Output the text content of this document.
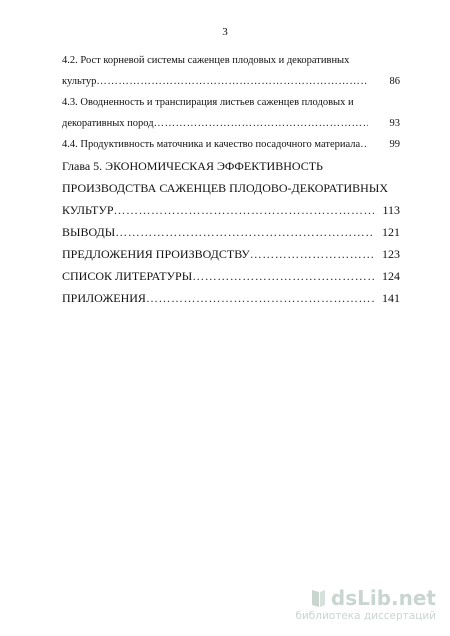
3
4.2. Рост корневой системы саженцев плодовых и декоративных
культур ……………………………………………………………………………………………………………………………………………………………………	86
4.3. Оводненность и транспирация листьев саженцев плодовых и
декоративных пород ……………………………………………………………………………………………………………………………………………………………………	93
4.4. Продуктивность маточника и качество посадочного материала ……………………………………………………………………………………………………………………………………………………………………	99
Глава 5. ЭКОНОМИЧЕСКАЯ ЭФФЕКТИВНОСТЬ
ПРОИЗВОДСТВА САЖЕНЦЕВ ПЛОДОВО-ДЕКОРАТИВНЫХ
КУЛЬТУР ……………………………………………………………………………………………………………………………………………………………………	113
ВЫВОДЫ ……………………………………………………………………………………………………………………………………………………………………	121
ПРЕДЛОЖЕНИЯ ПРОИЗВОДСТВУ ……………………………………………………………………………………………………………………………………………………………………	123
СПИСОК ЛИТЕРАТУРЫ ……………………………………………………………………………………………………………………………………………………………………	124
ПРИЛОЖЕНИЯ ……………………………………………………………………………………………………………………………………………………………………	141
dsLib.net
библиотека диссертаций
